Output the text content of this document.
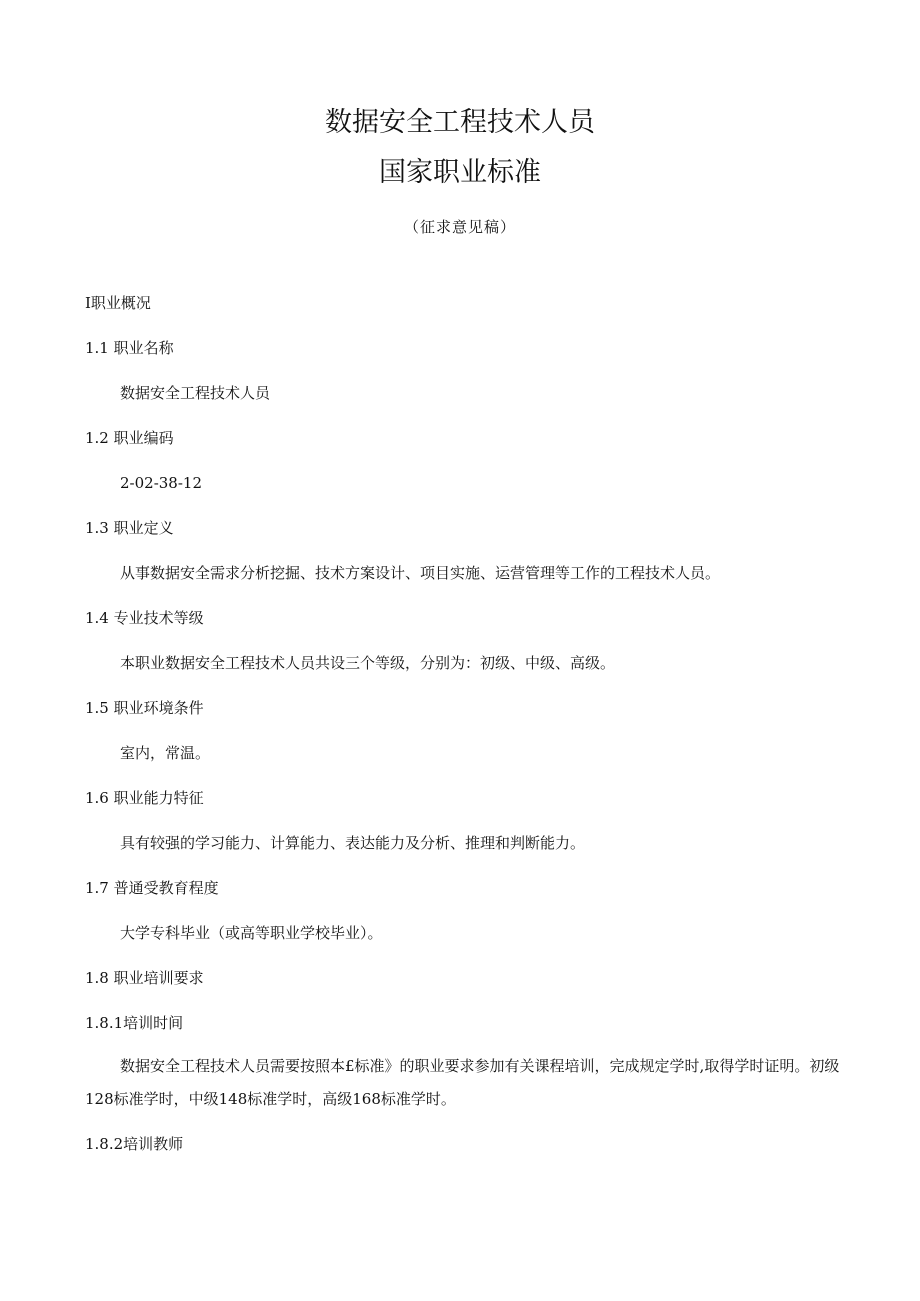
数据安全工程技术人员
国家职业标准
（征求意见稿）
I职业概况
1.1 职业名称
数据安全工程技术人员
1.2 职业编码
2-02-38-12
1.3 职业定义
从事数据安全需求分析挖掘、技术方案设计、项目实施、运营管理等工作的工程技术人员。
1.4 专业技术等级
本职业数据安全工程技术人员共设三个等级，分别为：初级、中级、高级。
1.5 职业环境条件
室内，常温。
1.6 职业能力特征
具有较强的学习能力、计算能力、表达能力及分析、推理和判断能力。
1.7 普通受教育程度
大学专科毕业（或高等职业学校毕业）。
1.8 职业培训要求
1.8.1培训时间
数据安全工程技术人员需要按照本£标准》的职业要求参加有关课程培训，完成规定学时,取得学时证明。初级128标准学时，中级148标准学时，高级168标准学时。
1.8.2培训教师
